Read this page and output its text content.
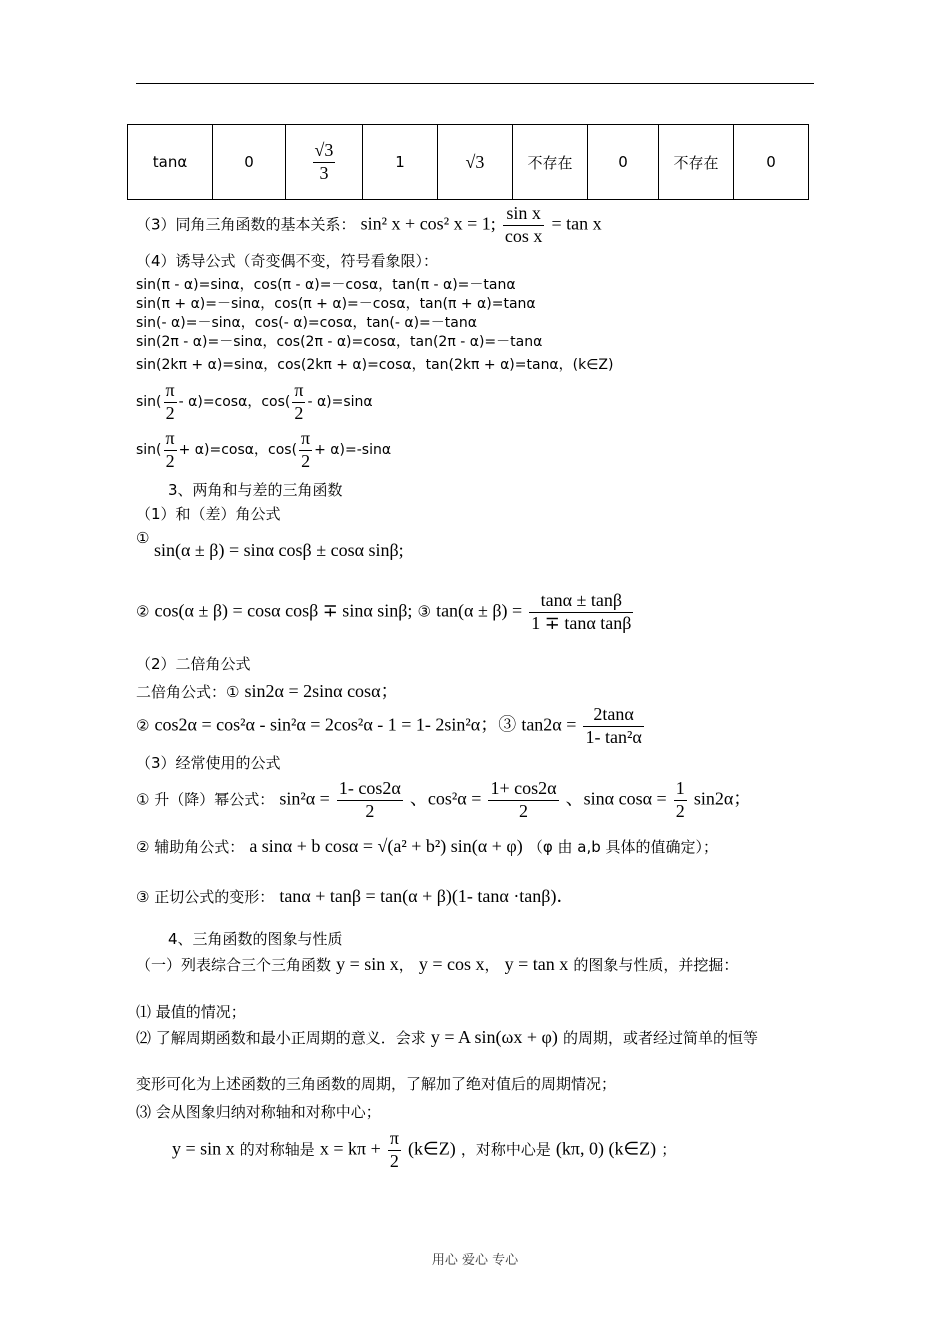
tanα	0	$\frac{√3}{3}$	1	√3	不存在	0	不存在	0
（3）同角三角函数的基本关系： sin² x + cos² x = 1; $\frac{\text{sin x}}{\text{cos x}} = \tan x$
（4）诱导公式（奇变偶不变，符号看象限）：
sin(π - α)=sinα，cos(π - α)=－cosα，tan(π - α)=－tanα
sin(π + α)=－sinα，cos(π + α)=－cosα，tan(π + α)=tanα
sin(- α)=－sinα，cos(- α)=cosα，tan(- α)=－tanα
sin(2π - α)=－sinα，cos(2π - α)=cosα，tan(2π - α)=－tanα
sin(2kπ + α)=sinα，cos(2kπ + α)=cosα，tan(2kπ + α)=tanα，(k∈Z)
$\sin( \frac{\pi}{2} - \alpha)=\cos\alpha$，$\cos( \frac{\pi}{2} - \alpha)=\sin\alpha$
$\sin( \frac{\pi}{2} + \alpha)=\cos\alpha$，$\cos( \frac{\pi}{2} + \alpha)=-\sin\alpha$
3、两角和与差的三角函数
（1）和（差）角公式
①
sin(α ± β) = sinα cosβ ± cosα sinβ;
② cos(α ± β) = cosα cosβ ∓ sinα sinβ; ③ $\tan(\alpha \pm \beta) = \frac{\tan\alpha \pm \tan\beta}{\text{1 ∓ tanα tanβ}}$
（2）二倍角公式
二倍角公式：① sin2α = 2sinα cosα；
② cos2α = cos²α - sin²α = 2cos²α - 1 = 1- 2sin²α；③ $\tan 2\alpha = \frac{2\tan\alpha}{\text{1- tan²α}}$
（3）经常使用的公式
① 升（降）幂公式： $\sin^2\alpha = \frac{1- \cos 2\alpha}{2}$ 、$\cos^2\alpha = \frac{1+ \cos 2\alpha}{2}$ 、sinα $\cos\alpha = \frac{1}{2} \sin 2\alpha$；
② 辅助角公式： a sinα + b cosα = √(a² + b²) sin(α + φ) （φ 由 a,b 具体的值确定）；
③ 正切公式的变形： tanα + tanβ = tan(α + β)(1- tanα ·tanβ)．
4、三角函数的图象与性质
（一）列表综合三个三角函数 y = sin x， y = cos x， y = tan x 的图象与性质，并挖掘：
⑴ 最值的情况；
⑵ 了解周期函数和最小正周期的意义．会求 y = A sin(ωx + φ) 的周期，或者经过简单的恒等
变形可化为上述函数的三角函数的周期，了解加了绝对值后的周期情况；
⑶ 会从图象归纳对称轴和对称中心；
y = sin x 的对称轴是 $x = k\pi + \frac{\pi}{2}$ (k∈Z) ，对称中心是 (kπ, 0) (k∈Z) ；
用心 爱心 专心
